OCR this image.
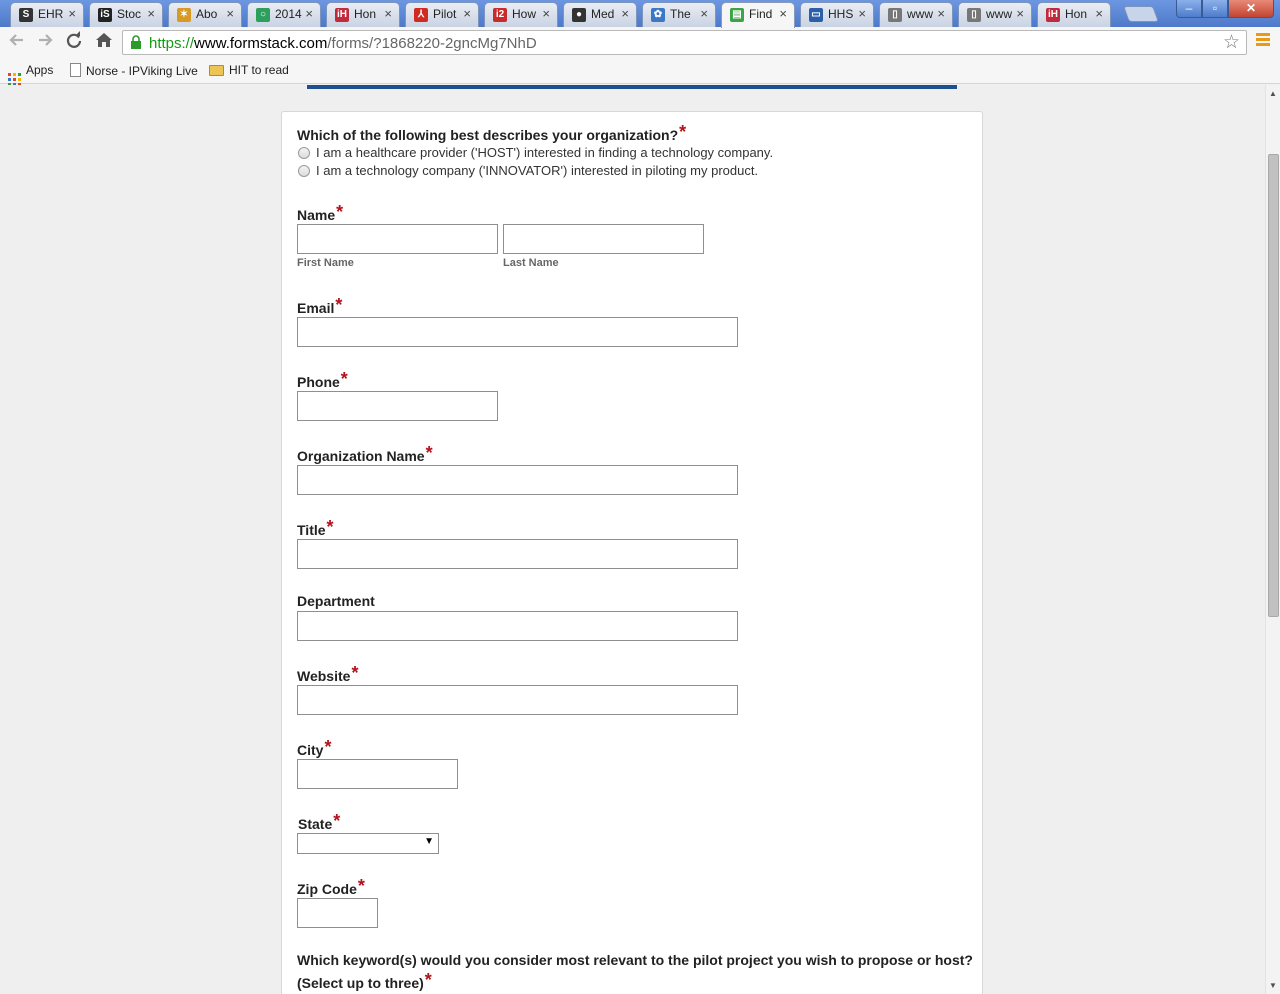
S EHR × iS Stoc × ✶ Abo ×	○ 2014 × iH Hon ×	⅄ Pilot × i2 How ×	● Med × ✿ The × ▤ Find × ▭ HHS ×	▯ www ×	▯ www × iH Hon ×	–	▫	✕
https://www.formstack.com/forms/?1868220-2gncMg7NhD	☆
Apps	Norse - IPViking Live	HIT to read
Which of the following best describes your organization?*
I am a healthcare provider ('HOST') interested in finding a technology company.
I am a technology company ('INNOVATOR') interested in piloting my product.
Name*
First Name	Last Name
Email*
Phone*
Organization Name*
Title*
Department
Website*
City*
State*
▼
Zip Code*
Which keyword(s) would you consider most relevant to the pilot project you wish to propose or host?
(Select up to three)*
▲
▼
